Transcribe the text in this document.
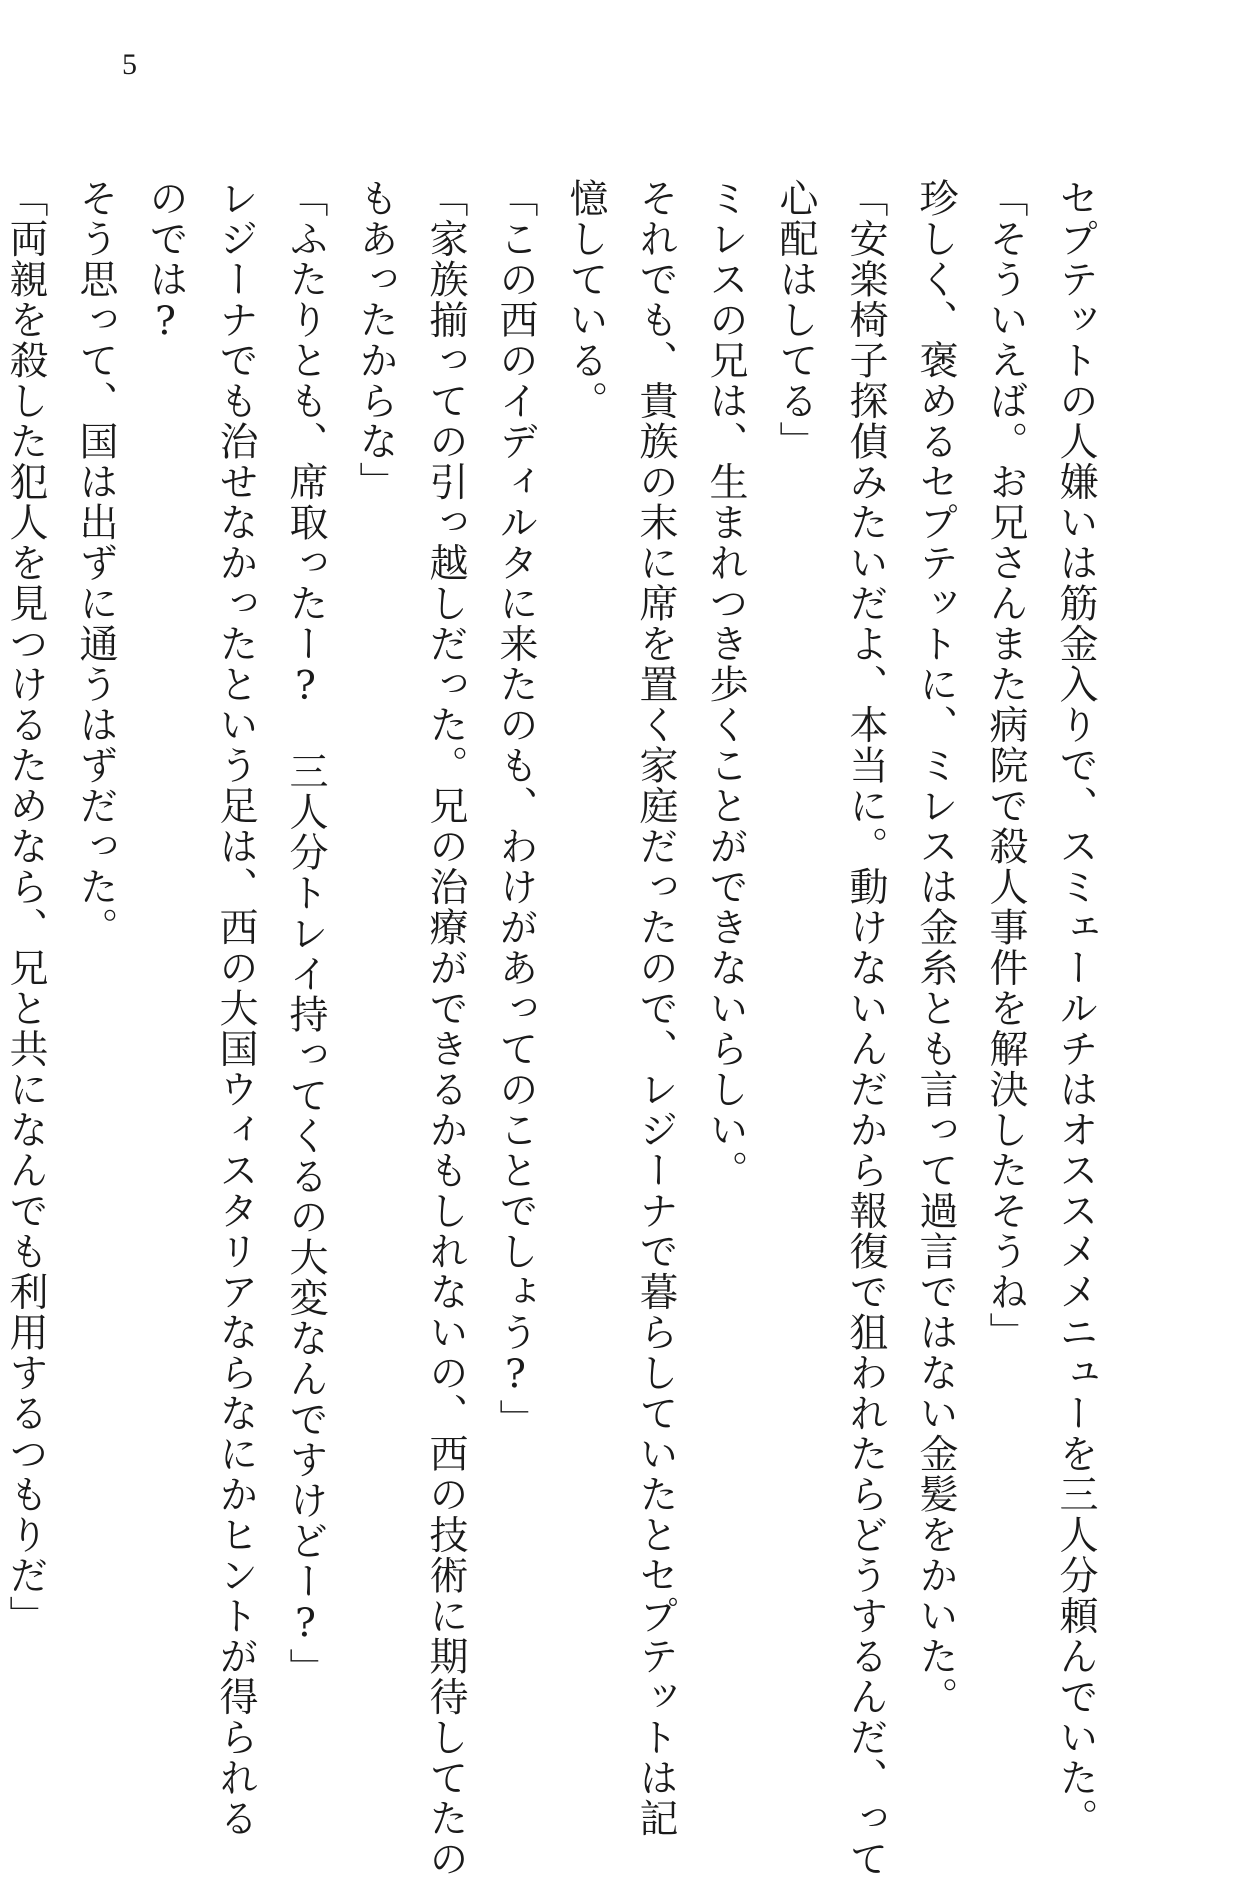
5
セプテットの人嫌いは筋金入りで、スミェールチはオススメメニューを三人分頼んでいた。
「そういえば。お兄さんまた病院で殺人事件を解決したそうね」
珍しく、褒めるセプテットに、ミレスは金糸とも言って過言ではない金髪をかいた。
「安楽椅子探偵みたいだよ、本当に。動けないんだから報復で狙われたらどうするんだ、って
心配はしてる」
ミレスの兄は、生まれつき歩くことができないらしい。
それでも、貴族の末に席を置く家庭だったので、レジーナで暮らしていたとセプテットは記
憶している。
「この西のイディルタに来たのも、わけがあってのことでしょう?」
「家族揃っての引っ越しだった。兄の治療ができるかもしれないの、西の技術に期待してたの
もあったからな」
「ふたりとも、席取ったー?　三人分トレイ持ってくるの大変なんですけどー?」
レジーナでも治せなかったという足は、西の大国ウィスタリアならなにかヒントが得られる
のでは?
そう思って、国は出ずに通うはずだった。
「両親を殺した犯人を見つけるためなら、兄と共になんでも利用するつもりだ」
